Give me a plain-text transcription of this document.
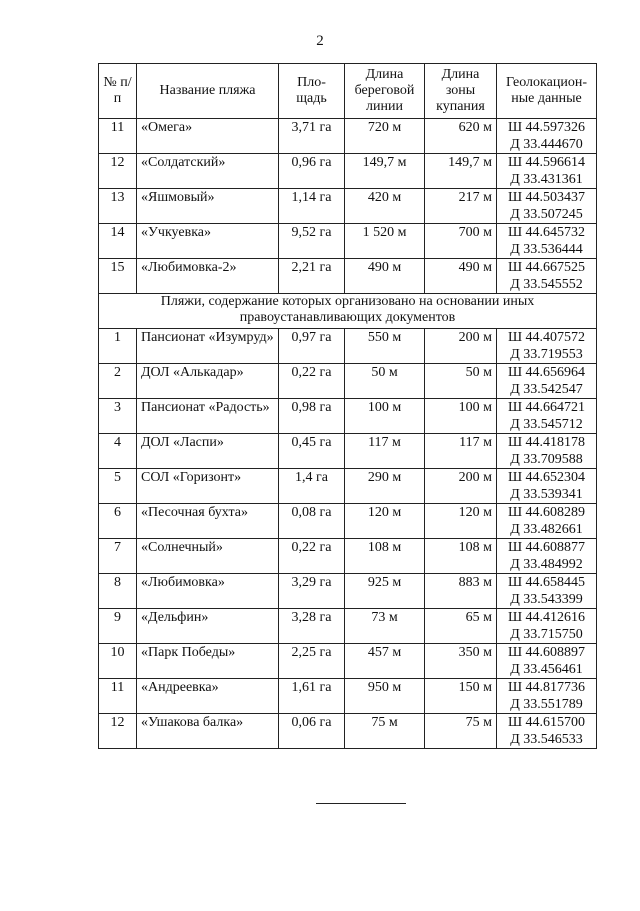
2
№ п/п	Название пляжа	Пло-щадь	Длина береговой линии	Длина зоны купания	Геолокацион-ные данные
11	«Омега»	3,71 га	720 м	620 м	Ш 44.597326
Д 33.444670

12	«Солдатский»	0,96 га	149,7 м	149,7 м	Ш 44.596614
Д 33.431361

13	«Яшмовый»	1,14 га	420 м	217 м	Ш 44.503437
Д 33.507245

14	«Учкуевка»	9,52 га	1 520 м	700 м	Ш 44.645732
Д 33.536444

15	«Любимовка-2»	2,21 га	490 м	490 м	Ш 44.667525
Д 33.545552

Пляжи, содержание которых организовано на основании иных правоустанавливающих документов					
1	Пансионат «Изумруд»	0,97 га	550 м	200 м	Ш 44.407572
Д 33.719553

2	ДОЛ «Алькадар»	0,22 га	50 м	50 м	Ш 44.656964
Д 33.542547

3	Пансионат «Радость»	0,98 га	100 м	100 м	Ш 44.664721
Д 33.545712

4	ДОЛ «Ласпи»	0,45 га	117 м	117 м	Ш 44.418178
Д 33.709588

5	СОЛ «Горизонт»	1,4 га	290 м	200 м	Ш 44.652304
Д 33.539341

6	«Песочная бухта»	0,08 га	120 м	120 м	Ш 44.608289
Д 33.482661

7	«Солнечный»	0,22 га	108 м	108 м	Ш 44.608877
Д 33.484992

8	«Любимовка»	3,29 га	925 м	883 м	Ш 44.658445
Д 33.543399

9	«Дельфин»	3,28 га	73 м	65 м	Ш 44.412616
Д 33.715750

10	«Парк Победы»	2,25 га	457 м	350 м	Ш 44.608897
Д 33.456461

11	«Андреевка»	1,61 га	950 м	150 м	Ш 44.817736
Д 33.551789

12	«Ушакова балка»	0,06 га	75 м	75 м	Ш 44.615700
Д 33.546533
